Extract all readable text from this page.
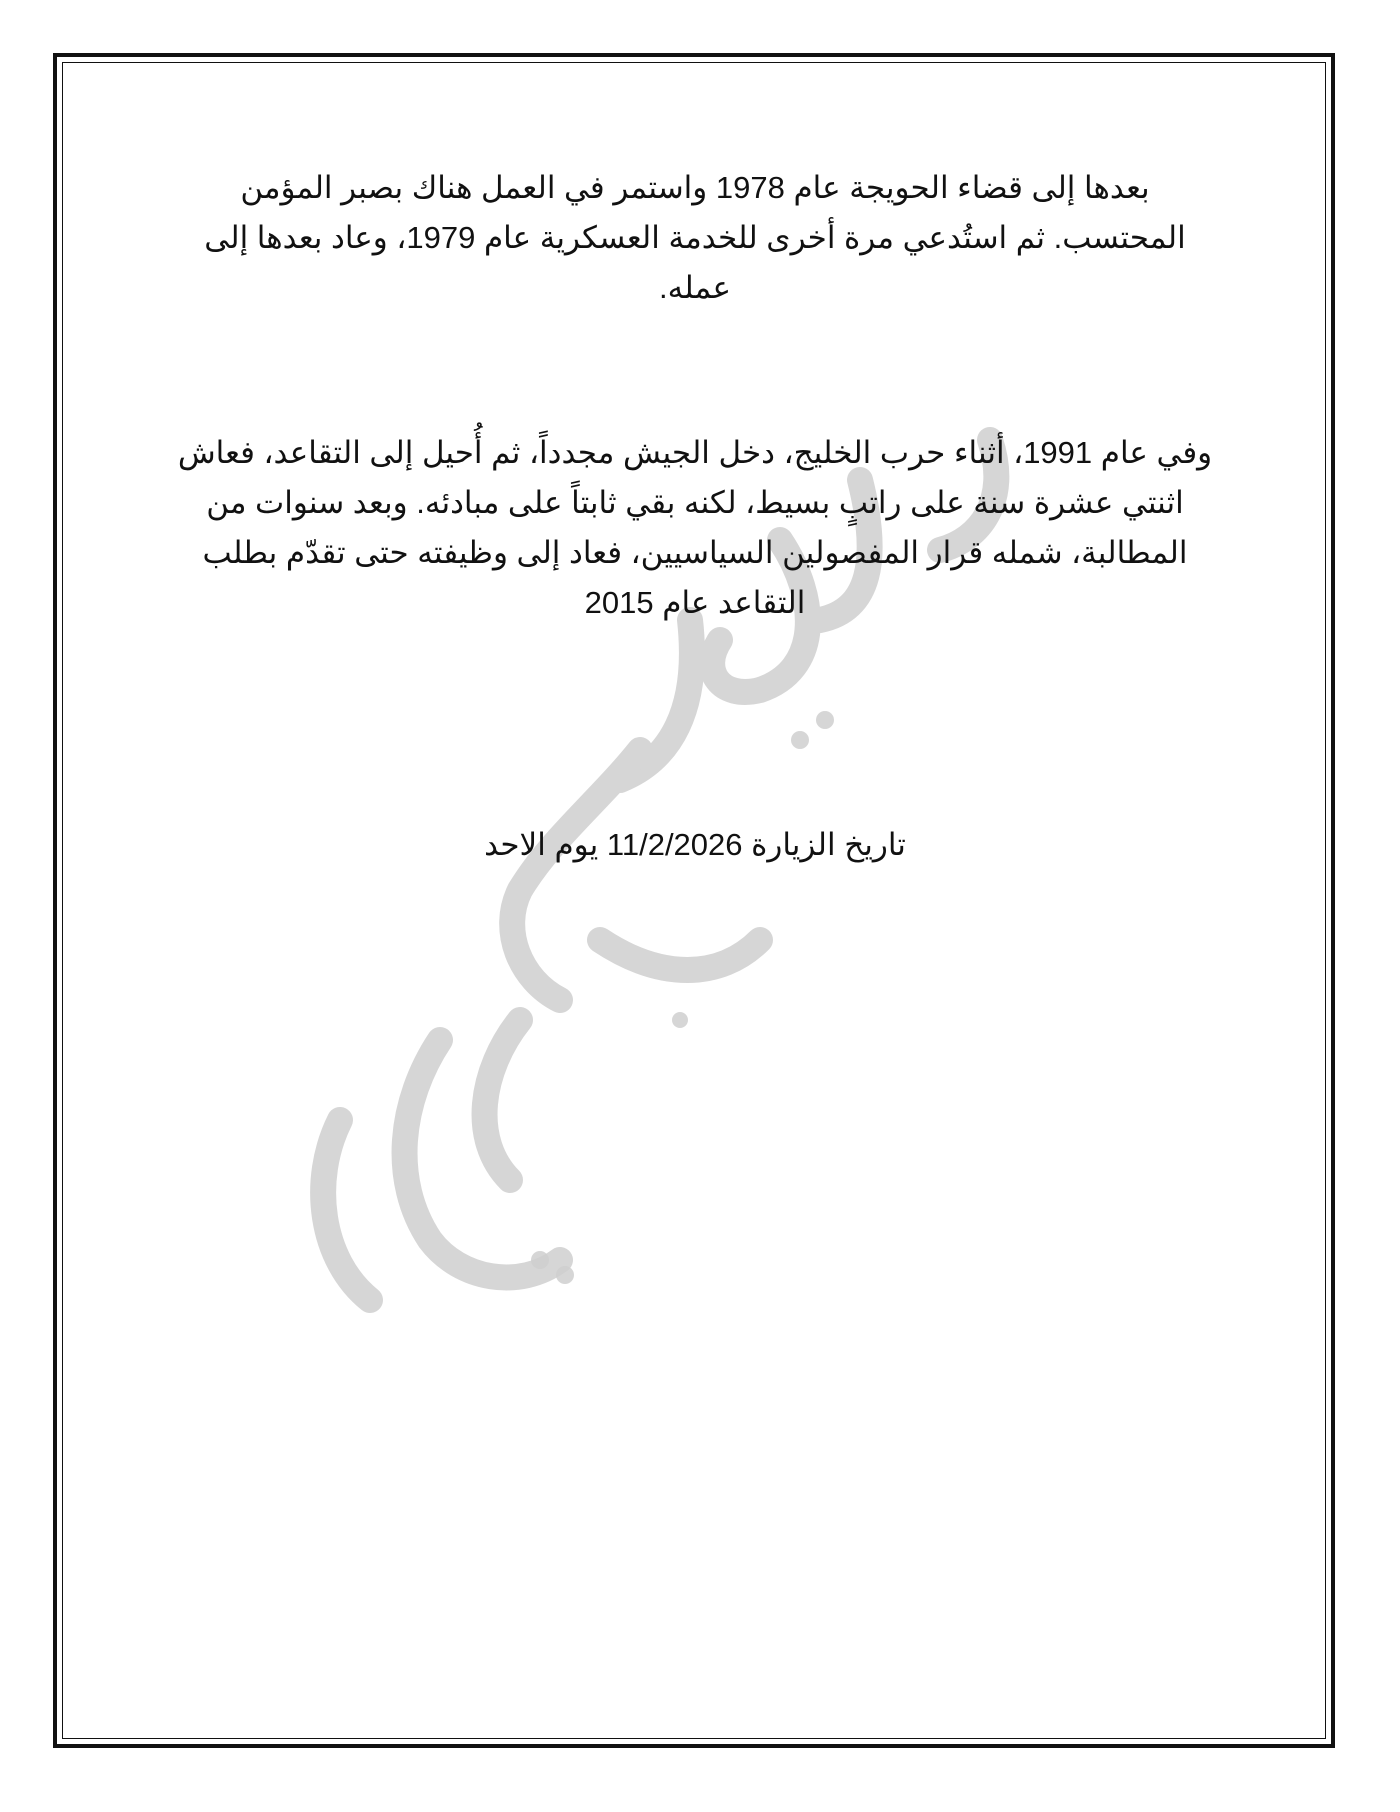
مركز تراث الحسيني التركماني

بعدها إلى قضاء الحويجة عام 1978 واستمر في العمل هناك بصبر المؤمن المحتسب. ثم استُدعي مرة أخرى للخدمة العسكرية عام 1979، وعاد بعدها إلى عمله.

وفي عام 1991، أثناء حرب الخليج، دخل الجيش مجدداً، ثم أُحيل إلى التقاعد، فعاش اثنتي عشرة سنة على راتبٍ بسيط، لكنه بقي ثابتاً على مبادئه. وبعد سنوات من المطالبة، شمله قرار المفصولين السياسيين، فعاد إلى وظيفته حتى تقدّم بطلب التقاعد عام 2015

تاريخ الزيارة 11/2/2026 يوم الاحد
